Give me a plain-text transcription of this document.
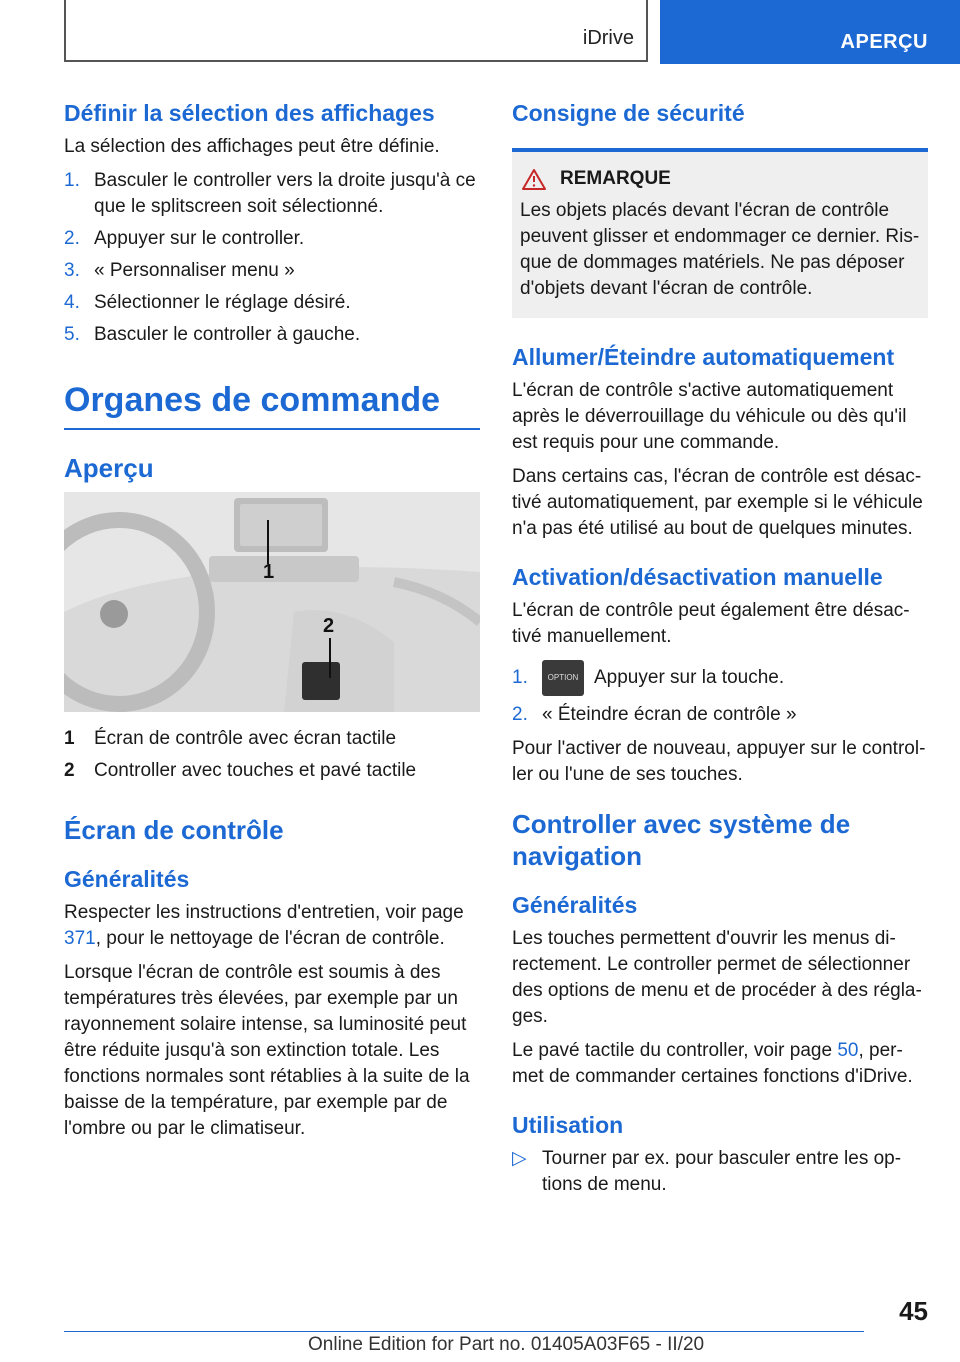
iDrive	APERÇU
Définir la sélection des affichages

La sélection des affichages peut être définie.

1. Basculer le controller vers la droite jusqu'à ce que le splitscreen soit sélectionné.
2. Appuyer sur le controller.
3. « Personnaliser menu »
4. Sélectionner le réglage désiré.
5. Basculer le controller à gauche.
Organes de commande
Aperçu
1
2
1 Écran de contrôle avec écran tactile
2 Controller avec touches et pavé tactile
Écran de contrôle
Généralités

Respecter les instructions d'entretien, voir page 371, pour le nettoyage de l'écran de contrôle.

Lorsque l'écran de contrôle est soumis à des températures très élevées, par exemple par un rayonnement solaire intense, sa luminosité peut être réduite jusqu'à son extinction totale. Les fonctions normales sont rétablies à la suite de la baisse de la température, par exemple par de l'ombre ou par le climatiseur.

Consigne de sécurité
REMARQUE
Les objets placés devant l'écran de contrôle peuvent glisser et endommager ce dernier. Risque de dommages matériels. Ne pas déposer d'objets devant l'écran de contrôle.
Allumer/Éteindre automatiquement

L'écran de contrôle s'active automatiquement après le déverrouillage du véhicule ou dès qu'il est requis pour une commande.

Dans certains cas, l'écran de contrôle est désactivé automatiquement, par exemple si le véhicule n'a pas été utilisé au bout de quelques minutes.

Activation/désactivation manuelle

L'écran de contrôle peut également être désactivé manuellement.

1. OPTION Appuyer sur la touche.
2. « Éteindre écran de contrôle »

Pour l'activer de nouveau, appuyer sur le controller ou l'une de ses touches.

Controller avec système de navigation
Généralités

Les touches permettent d'ouvrir les menus directement. Le controller permet de sélectionner des options de menu et de procéder à des réglages.

Le pavé tactile du controller, voir page 50, permet de commander certaines fonctions d'iDrive.

Utilisation
▷ Tourner par ex. pour basculer entre les options de menu.
45
Online Edition for Part no. 01405A03F65 - II/20
